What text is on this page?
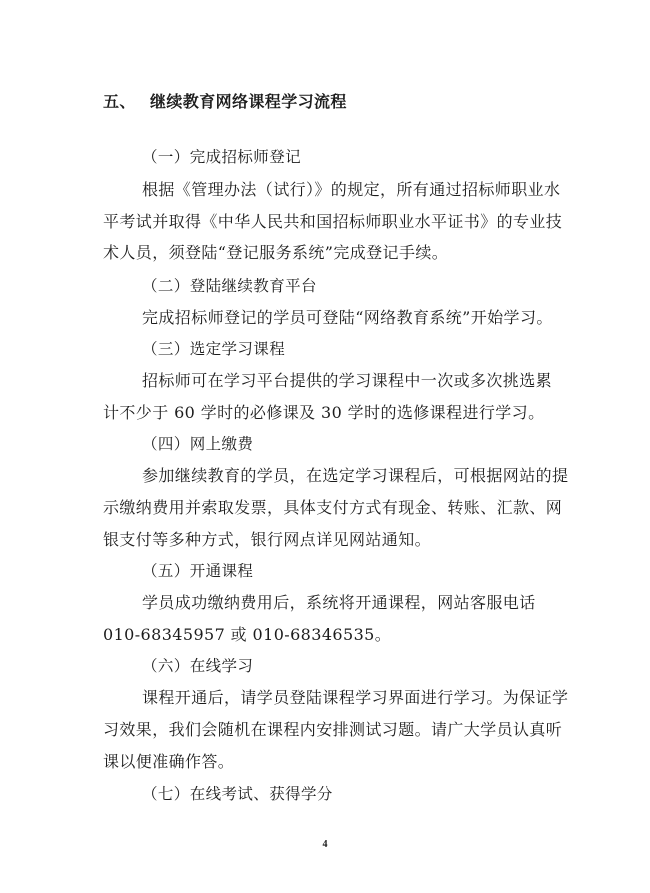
五、 继续教育网络课程学习流程
（一）完成招标师登记
根据《管理办法（试行）》的规定，所有通过招标师职业水
平考试并取得《中华人民共和国招标师职业水平证书》的专业技
术人员，须登陆“登记服务系统”完成登记手续。
（二）登陆继续教育平台
完成招标师登记的学员可登陆“网络教育系统”开始学习。
（三）选定学习课程
招标师可在学习平台提供的学习课程中一次或多次挑选累
计不少于 60 学时的必修课及 30 学时的选修课程进行学习。
（四）网上缴费
参加继续教育的学员，在选定学习课程后，可根据网站的提
示缴纳费用并索取发票，具体支付方式有现金、转账、汇款、网
银支付等多种方式，银行网点详见网站通知。
（五）开通课程
学员成功缴纳费用后，系统将开通课程，网站客服电话
010-68345957 或 010-68346535。
（六）在线学习
课程开通后，请学员登陆课程学习界面进行学习。为保证学
习效果，我们会随机在课程内安排测试习题。请广大学员认真听
课以便准确作答。
（七）在线考试、获得学分
4
